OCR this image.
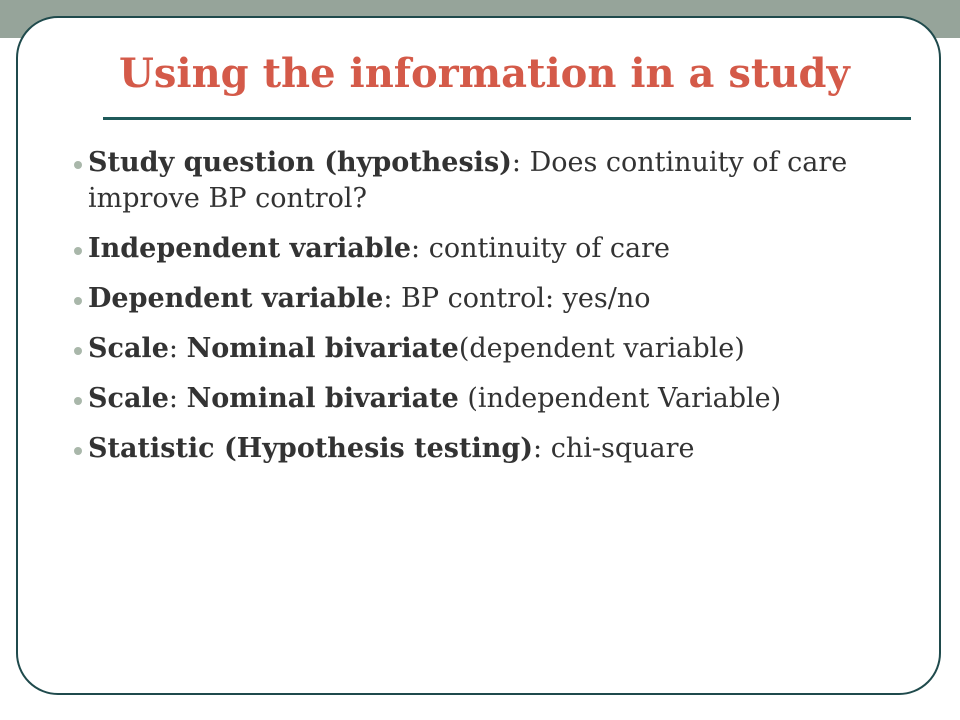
Using the information in a study
Study question (hypothesis): Does continuity of care improve BP control?
Independent variable: continuity of care
Dependent variable: BP control: yes/no
Scale: Nominal bivariate(dependent variable)
Scale: Nominal bivariate (independent Variable)
Statistic (Hypothesis testing): chi-square
